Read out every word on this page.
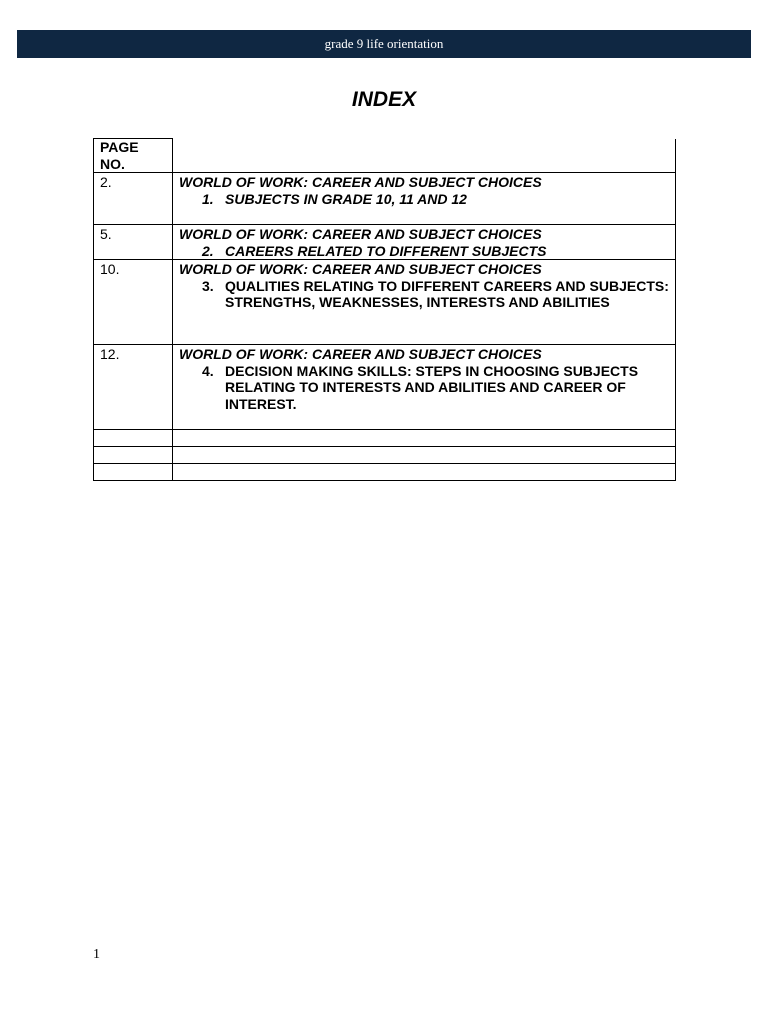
grade 9 life orientation
INDEX
PAGE NO.	
2.	WORLD OF WORK: CAREER AND SUBJECT CHOICES
1. SUBJECTS IN GRADE 10, 11 AND 12

5.	WORLD OF WORK: CAREER AND SUBJECT CHOICES
2. CAREERS RELATED TO DIFFERENT SUBJECTS

10.	WORLD OF WORK: CAREER AND SUBJECT CHOICES
3. QUALITIES RELATING TO DIFFERENT CAREERS AND SUBJECTS: STRENGTHS, WEAKNESSES, INTERESTS AND ABILITIES

12.	WORLD OF WORK: CAREER AND SUBJECT CHOICES
4. DECISION MAKING SKILLS: STEPS IN CHOOSING SUBJECTS RELATING TO INTERESTS AND ABILITIES AND CAREER OF INTEREST.

1
